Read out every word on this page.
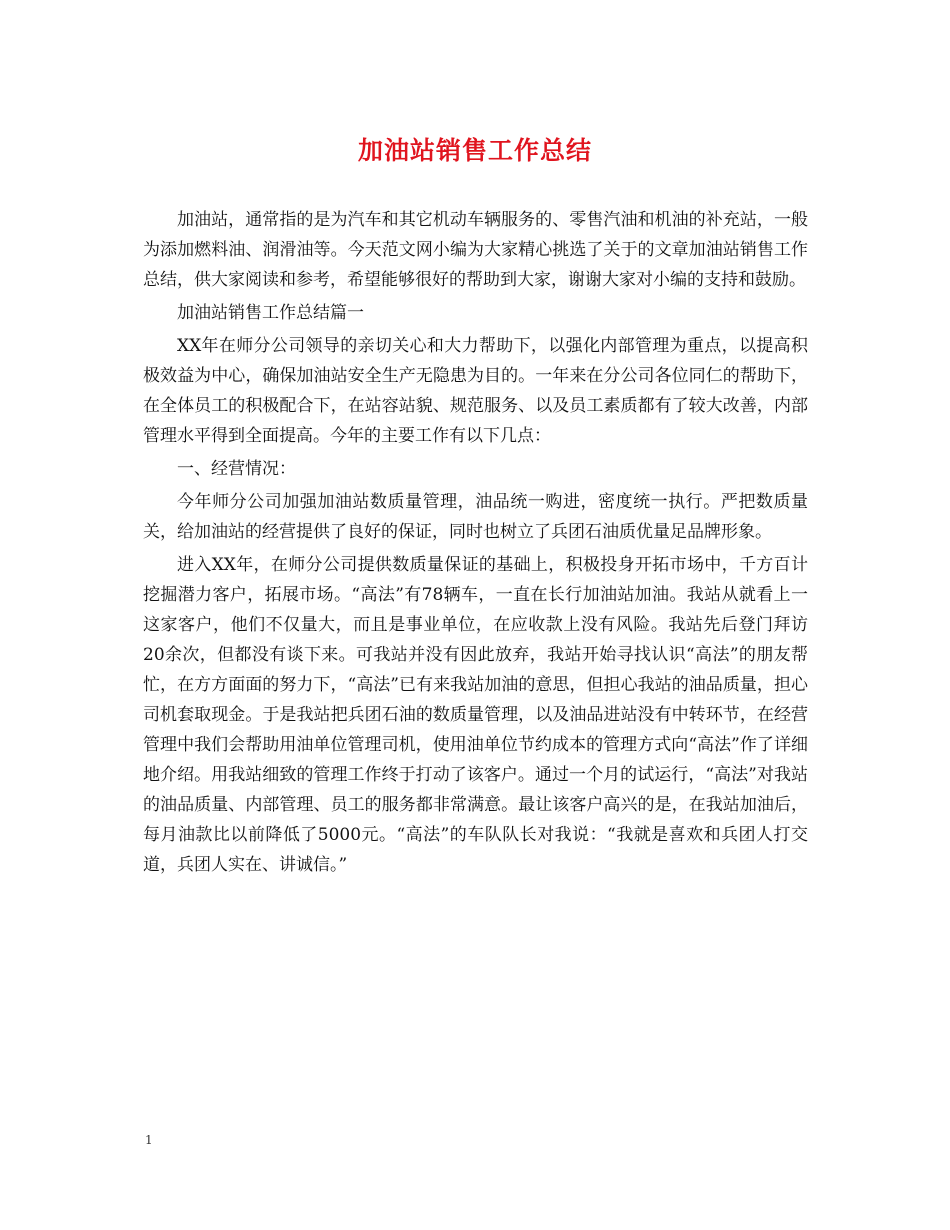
加油站销售工作总结

加油站，通常指的是为汽车和其它机动车辆服务的、零售汽油和机油的补充站，一般为添加燃料油、润滑油等。今天范文网小编为大家精心挑选了关于的文章加油站销售工作总结，供大家阅读和参考，希望能够很好的帮助到大家，谢谢大家对小编的支持和鼓励。

加油站销售工作总结篇一

XX年在师分公司领导的亲切关心和大力帮助下，以强化内部管理为重点，以提高积极效益为中心，确保加油站安全生产无隐患为目的。一年来在分公司各位同仁的帮助下，在全体员工的积极配合下，在站容站貌、规范服务、以及员工素质都有了较大改善，内部管理水平得到全面提高。今年的主要工作有以下几点：

一、经营情况：

今年师分公司加强加油站数质量管理，油品统一购进，密度统一执行。严把数质量关，给加油站的经营提供了良好的保证，同时也树立了兵团石油质优量足品牌形象。

进入XX年，在师分公司提供数质量保证的基础上，积极投身开拓市场中，千方百计挖掘潜力客户，拓展市场。“高法”有78辆车，一直在长行加油站加油。我站从就看上一这家客户，他们不仅量大，而且是事业单位，在应收款上没有风险。我站先后登门拜访20余次，但都没有谈下来。可我站并没有因此放弃，我站开始寻找认识“高法”的朋友帮忙，在方方面面的努力下，“高法”已有来我站加油的意思，但担心我站的油品质量，担心司机套取现金。于是我站把兵团石油的数质量管理，以及油品进站没有中转环节，在经营管理中我们会帮助用油单位管理司机，使用油单位节约成本的管理方式向“高法”作了详细地介绍。用我站细致的管理工作终于打动了该客户。通过一个月的试运行，“高法”对我站的油品质量、内部管理、员工的服务都非常满意。最让该客户高兴的是，在我站加油后，每月油款比以前降低了5000元。“高法”的车队队长对我说：“我就是喜欢和兵团人打交道，兵团人实在、讲诚信。”

1
